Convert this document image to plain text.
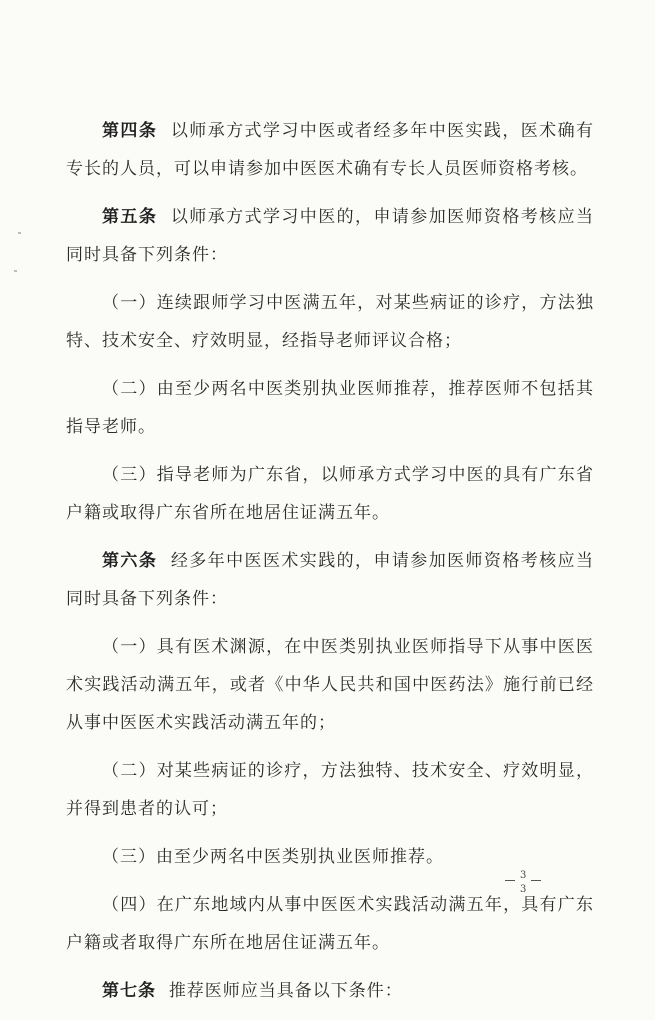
第四条 以师承方式学习中医或者经多年中医实践，医术确有专长的人员，可以申请参加中医医术确有专长人员医师资格考核。

第五条 以师承方式学习中医的，申请参加医师资格考核应当同时具备下列条件：

（一）连续跟师学习中医满五年，对某些病证的诊疗，方法独特、技术安全、疗效明显，经指导老师评议合格；

（二）由至少两名中医类别执业医师推荐，推荐医师不包括其指导老师。

（三）指导老师为广东省，以师承方式学习中医的具有广东省户籍或取得广东省所在地居住证满五年。

第六条 经多年中医医术实践的，申请参加医师资格考核应当同时具备下列条件：

（一）具有医术渊源，在中医类别执业医师指导下从事中医医术实践活动满五年，或者《中华人民共和国中医药法》施行前已经从事中医医术实践活动满五年的；

（二）对某些病证的诊疗，方法独特、技术安全、疗效明显，并得到患者的认可；

（三）由至少两名中医类别执业医师推荐。

（四）在广东地域内从事中医医术实践活动满五年，具有广东户籍或者取得广东所在地居住证满五年。

第七条 推荐医师应当具备以下条件：

3
3
